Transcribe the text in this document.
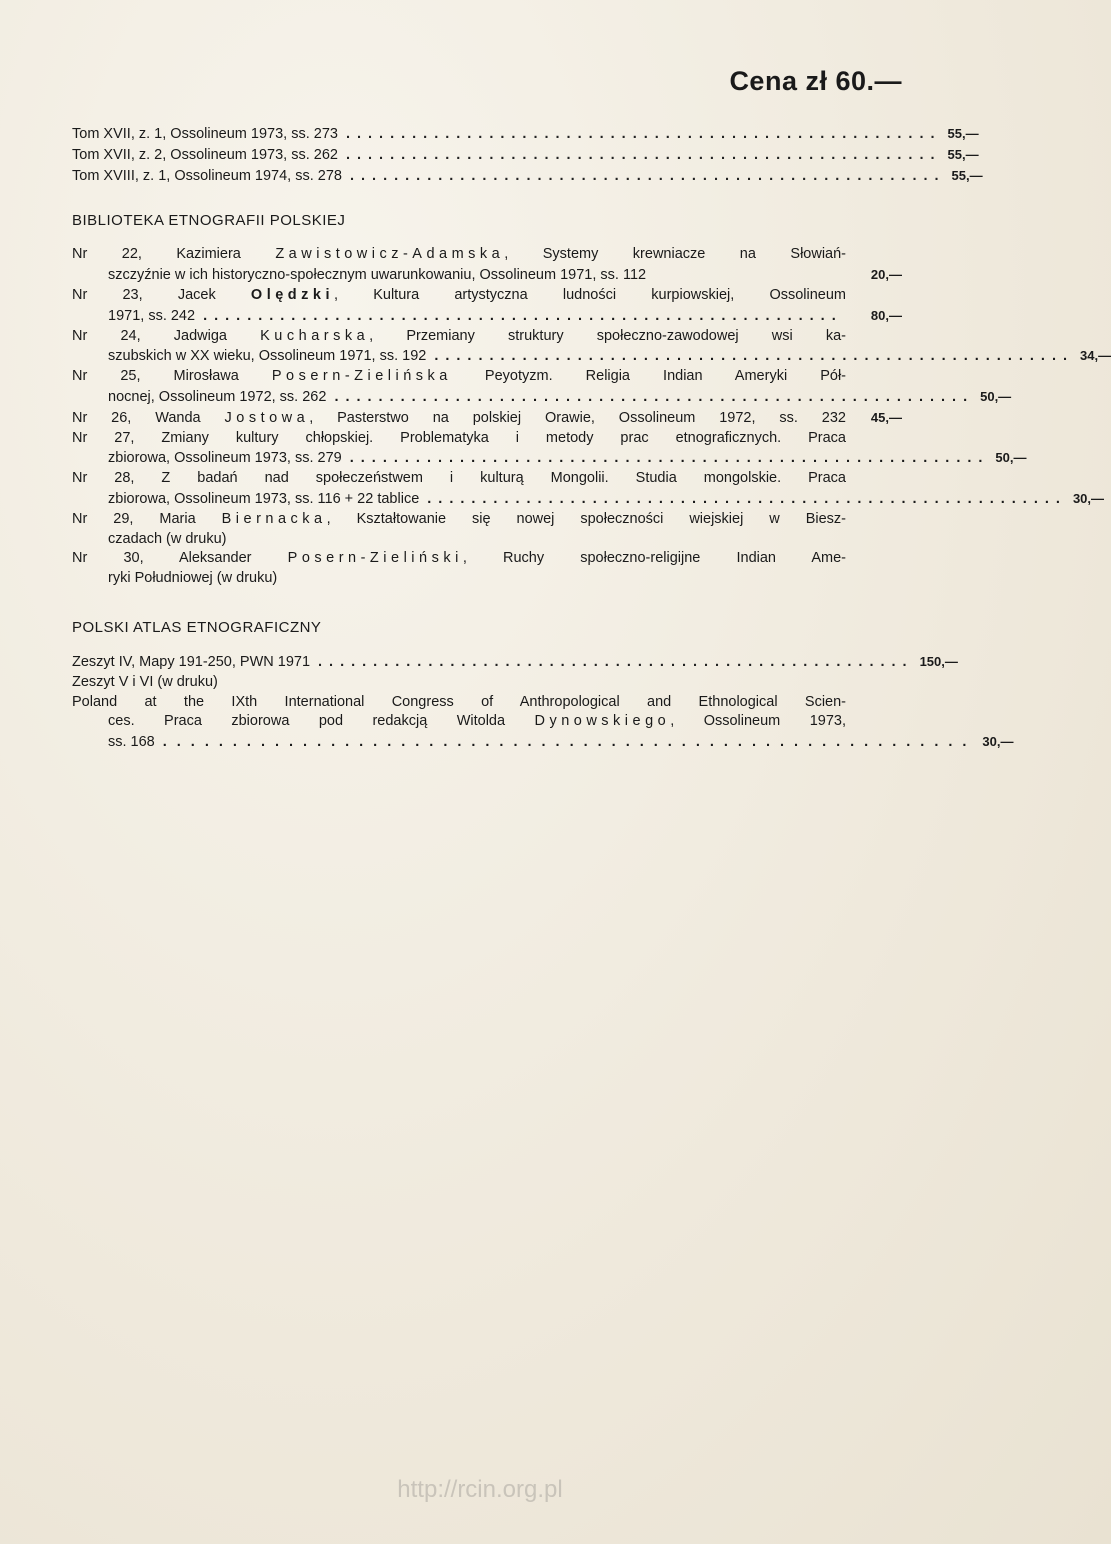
Cena zł 60.—
Tom XVII, z. 1, Ossolineum 1973, ss. 273 ...................................................... 55,—
Tom XVII, z. 2, Ossolineum 1973, ss. 262 ...................................................... 55,—
Tom XVIII, z. 1, Ossolineum 1974, ss. 278 ...................................................... 55,—
BIBLIOTEKA ETNOGRAFII POLSKIEJ
Nr 22, Kazimiera Zawistowicz-Adamska, Systemy krewniacze na Słowiań-
szczyźnie w ich historyczno-społecznym uwarunkowaniu, Ossolineum 1971, ss. 112	20,—
Nr 23, Jacek Olędzki, Kultura artystyczna ludności kurpiowskiej, Ossolineum
1971, ss. 242 ..........................................................	80,—
Nr 24, Jadwiga Kucharska, Przemiany struktury społeczno-zawodowej wsi ka-
szubskich w XX wieku, Ossolineum 1971, ss. 192 .......................................................... 34,—
Nr 25, Mirosława Posern-Zielińska Peyotyzm. Religia Indian Ameryki Pół-
nocnej, Ossolineum 1972, ss. 262 .......................................................... 50,—
Nr 26, Wanda Jostowa, Pasterstwo na polskiej Orawie, Ossolineum 1972, ss. 232	45,—
Nr 27, Zmiany kultury chłopskiej. Problematyka i metody prac etnograficznych. Praca
zbiorowa, Ossolineum 1973, ss. 279 .......................................................... 50,—
Nr 28, Z badań nad społeczeństwem i kulturą Mongolii. Studia mongolskie. Praca
zbiorowa, Ossolineum 1973, ss. 116 + 22 tablice .......................................................... 30,—
Nr 29, Maria Biernacka, Kształtowanie się nowej społeczności wiejskiej w Biesz-
czadach (w druku)
Nr 30, Aleksander Posern-Zieliński, Ruchy społeczno-religijne Indian Ame-
ryki Południowej (w druku)
POLSKI ATLAS ETNOGRAFICZNY
Zeszyt IV, Mapy 191-250, PWN 1971 ...................................................... 150,—
Zeszyt V i VI (w druku)
Poland at the IXth International Congress of Anthropological and Ethnological Scien-
ces. Praca zbiorowa pod redakcją Witolda Dynowskiego, Ossolineum 1973,
ss. 168 .......................................................... 30,—
http://rcin.org.pl
